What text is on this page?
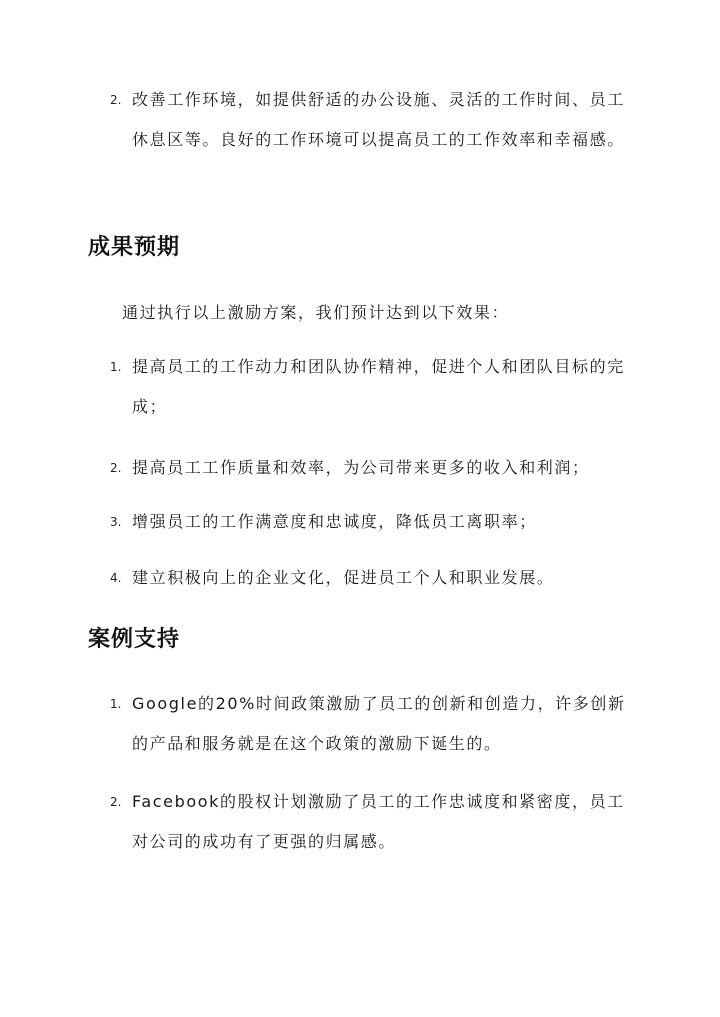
2. 改善工作环境，如提供舒适的办公设施、灵活的工作时间、员工休息区等。良好的工作环境可以提高员工的工作效率和幸福感。
成果预期
通过执行以上激励方案，我们预计达到以下效果：
1. 提高员工的工作动力和团队协作精神，促进个人和团队目标的完成；
2. 提高员工工作质量和效率，为公司带来更多的收入和利润；
3. 增强员工的工作满意度和忠诚度，降低员工离职率；
4. 建立积极向上的企业文化，促进员工个人和职业发展。
案例支持
1. Google的20%时间政策激励了员工的创新和创造力，许多创新的产品和服务就是在这个政策的激励下诞生的。
2. Facebook的股权计划激励了员工的工作忠诚度和紧密度，员工对公司的成功有了更强的归属感。
